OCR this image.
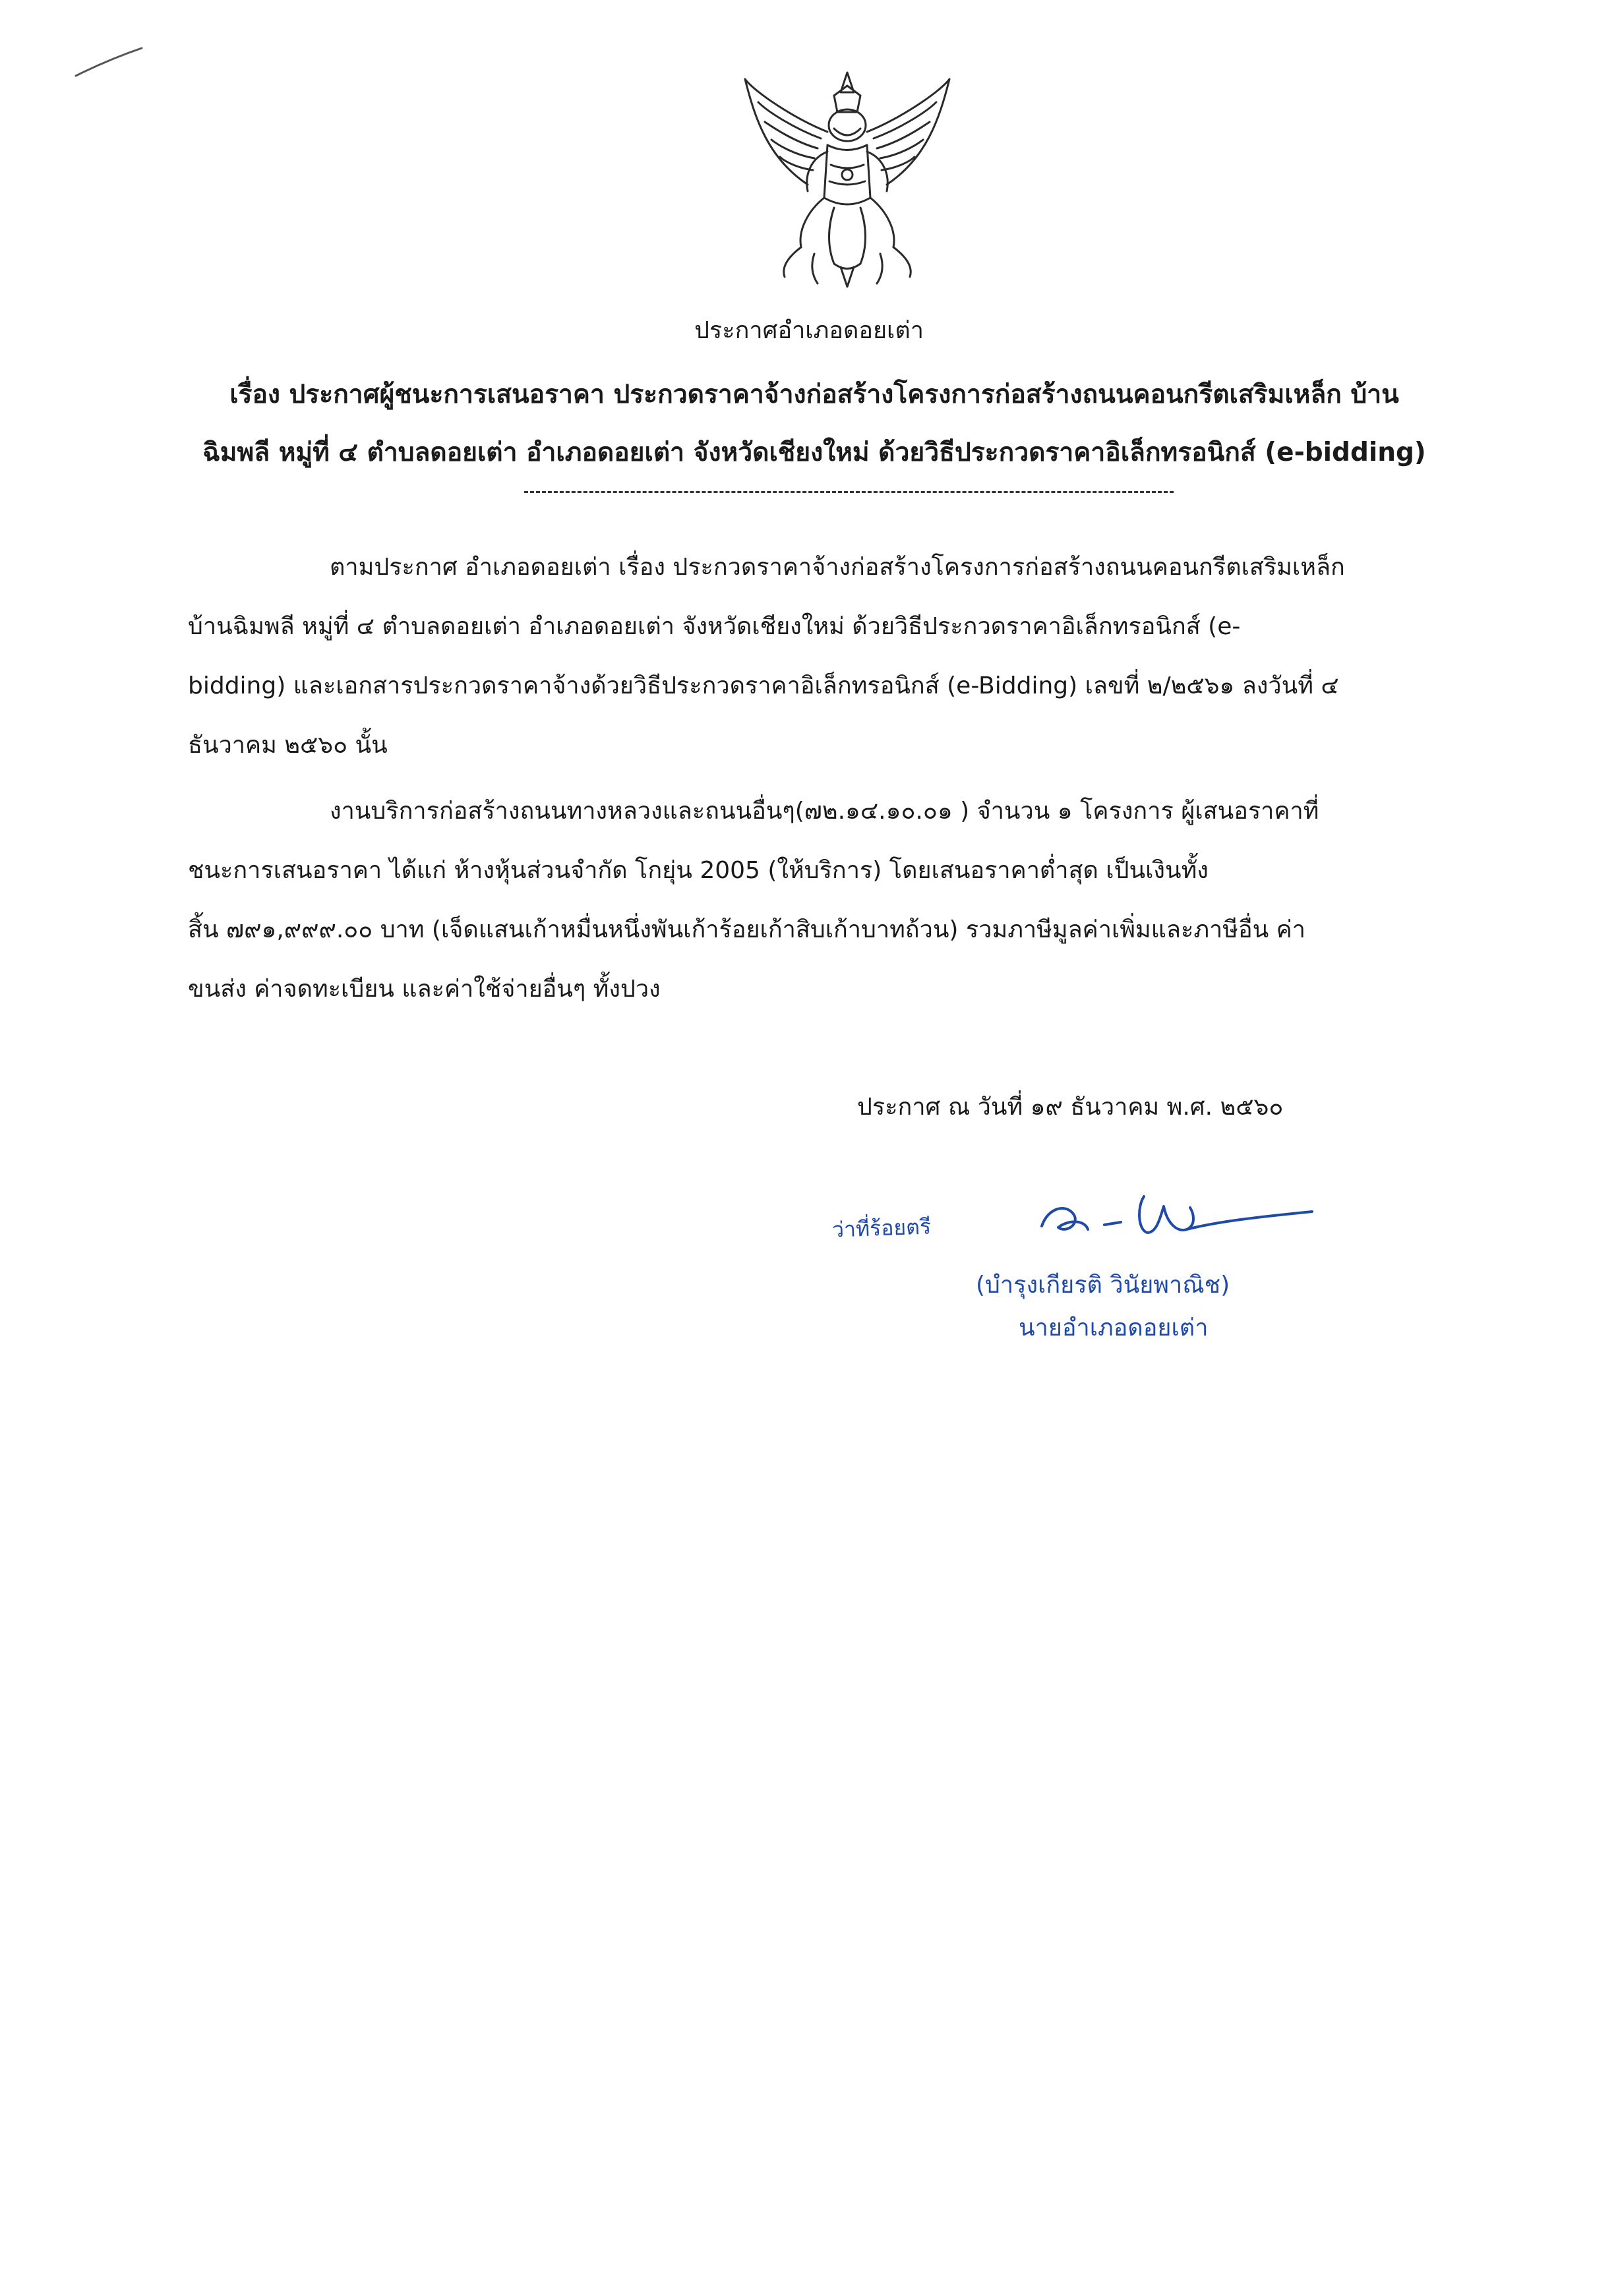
ประกาศอำเภอดอยเต่า
เรื่อง ประกาศผู้ชนะการเสนอราคา ประกวดราคาจ้างก่อสร้างโครงการก่อสร้างถนนคอนกรีตเสริมเหล็ก บ้าน
ฉิมพลี หมู่ที่ ๔ ตำบลดอยเต่า อำเภอดอยเต่า จังหวัดเชียงใหม่ ด้วยวิธีประกวดราคาอิเล็กทรอนิกส์ (e-bidding)
ตามประกาศ อำเภอดอยเต่า เรื่อง ประกวดราคาจ้างก่อสร้างโครงการก่อสร้างถนนคอนกรีตเสริมเหล็ก
บ้านฉิมพลี หมู่ที่ ๔ ตำบลดอยเต่า อำเภอดอยเต่า จังหวัดเชียงใหม่ ด้วยวิธีประกวดราคาอิเล็กทรอนิกส์ (e-
bidding) และเอกสารประกวดราคาจ้างด้วยวิธีประกวดราคาอิเล็กทรอนิกส์ (e-Bidding) เลขที่ ๒/๒๕๖๑ ลงวันที่ ๔
ธันวาคม ๒๕๖๐ นั้น
งานบริการก่อสร้างถนนทางหลวงและถนนอื่นๆ(๗๒.๑๔.๑๐.๐๑ ) จำนวน ๑ โครงการ ผู้เสนอราคาที่
ชนะการเสนอราคา ได้แก่ ห้างหุ้นส่วนจำกัด โกยุ่น 2005 (ให้บริการ) โดยเสนอราคาต่ำสุด เป็นเงินทั้ง
สิ้น ๗๙๑,๙๙๙.๐๐ บาท (เจ็ดแสนเก้าหมื่นหนึ่งพันเก้าร้อยเก้าสิบเก้าบาทถ้วน) รวมภาษีมูลค่าเพิ่มและภาษีอื่น ค่า
ขนส่ง ค่าจดทะเบียน และค่าใช้จ่ายอื่นๆ ทั้งปวง
ประกาศ ณ วันที่ ๑๙ ธันวาคม พ.ศ. ๒๕๖๐
ว่าที่ร้อยตรี
(บำรุงเกียรติ วินัยพาณิช)
นายอำเภอดอยเต่า
